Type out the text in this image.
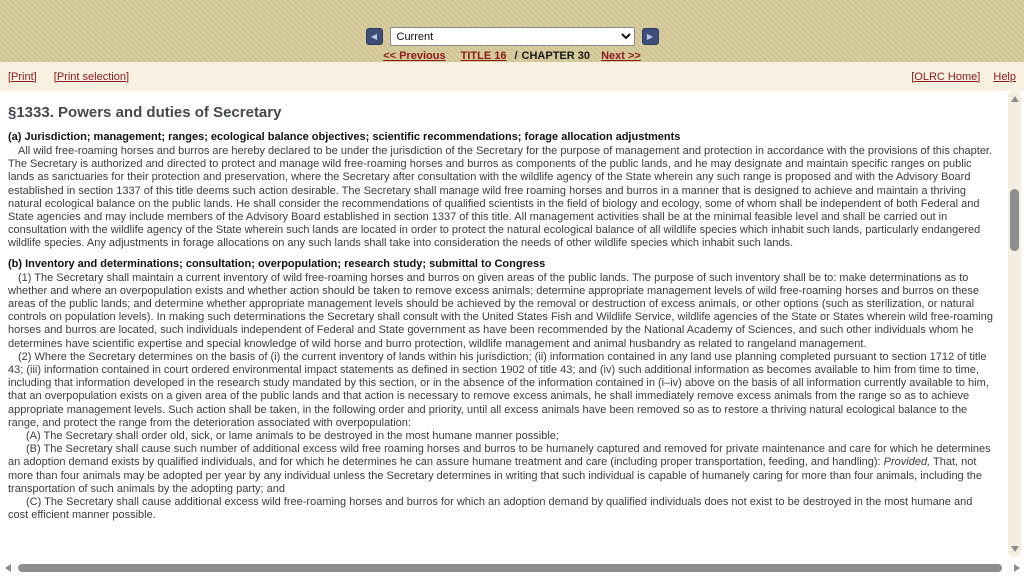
◀
Current	▶
<< Previous TITLE 16 / CHAPTER 30 Next >>
[Print] [Print selection]	[OLRC Home] Help
§1333. Powers and duties of Secretary
(a) Jurisdiction; management; ranges; ecological balance objectives; scientific recommendations; forage allocation adjustments

All wild free-roaming horses and burros are hereby declared to be under the jurisdiction of the Secretary for the purpose of management and protection in accordance with the provisions of this chapter. The Secretary is authorized and directed to protect and manage wild free-roaming horses and burros as components of the public lands, and he may designate and maintain specific ranges on public lands as sanctuaries for their protection and preservation, where the Secretary after consultation with the wildlife agency of the State wherein any such range is proposed and with the Advisory Board established in section 1337 of this title deems such action desirable. The Secretary shall manage wild free roaming horses and burros in a manner that is designed to achieve and maintain a thriving natural ecological balance on the public lands. He shall consider the recommendations of qualified scientists in the field of biology and ecology, some of whom shall be independent of both Federal and State agencies and may include members of the Advisory Board established in section 1337 of this title. All management activities shall be at the minimal feasible level and shall be carried out in consultation with the wildlife agency of the State wherein such lands are located in order to protect the natural ecological balance of all wildlife species which inhabit such lands, particularly endangered wildlife species. Any adjustments in forage allocations on any such lands shall take into consideration the needs of other wildlife species which inhabit such lands.

(b) Inventory and determinations; consultation; overpopulation; research study; submittal to Congress

(1) The Secretary shall maintain a current inventory of wild free-roaming horses and burros on given areas of the public lands. The purpose of such inventory shall be to: make determinations as to whether and where an overpopulation exists and whether action should be taken to remove excess animals; determine appropriate management levels of wild free-roaming horses and burros on these areas of the public lands; and determine whether appropriate management levels should be achieved by the removal or destruction of excess animals, or other options (such as sterilization, or natural controls on population levels). In making such determinations the Secretary shall consult with the United States Fish and Wildlife Service, wildlife agencies of the State or States wherein wild free-roaming horses and burros are located, such individuals independent of Federal and State government as have been recommended by the National Academy of Sciences, and such other individuals whom he determines have scientific expertise and special knowledge of wild horse and burro protection, wildlife management and animal husbandry as related to rangeland management.

(2) Where the Secretary determines on the basis of (i) the current inventory of lands within his jurisdiction; (ii) information contained in any land use planning completed pursuant to section 1712 of title 43; (iii) information contained in court ordered environmental impact statements as defined in section 1902 of title 43; and (iv) such additional information as becomes available to him from time to time, including that information developed in the research study mandated by this section, or in the absence of the information contained in (i–iv) above on the basis of all information currently available to him, that an overpopulation exists on a given area of the public lands and that action is necessary to remove excess animals, he shall immediately remove excess animals from the range so as to achieve appropriate management levels. Such action shall be taken, in the following order and priority, until all excess animals have been removed so as to restore a thriving natural ecological balance to the range, and protect the range from the deterioration associated with overpopulation:

(A) The Secretary shall order old, sick, or lame animals to be destroyed in the most humane manner possible;

(B) The Secretary shall cause such number of additional excess wild free roaming horses and burros to be humanely captured and removed for private maintenance and care for which he determines an adoption demand exists by qualified individuals, and for which he determines he can assure humane treatment and care (including proper transportation, feeding, and handling): Provided, That, not more than four animals may be adopted per year by any individual unless the Secretary determines in writing that such individual is capable of humanely caring for more than four animals, including the transportation of such animals by the adopting party; and

(C) The Secretary shall cause additional excess wild free-roaming horses and burros for which an adoption demand by qualified individuals does not exist to be destroyed in the most humane and cost efficient manner possible.
